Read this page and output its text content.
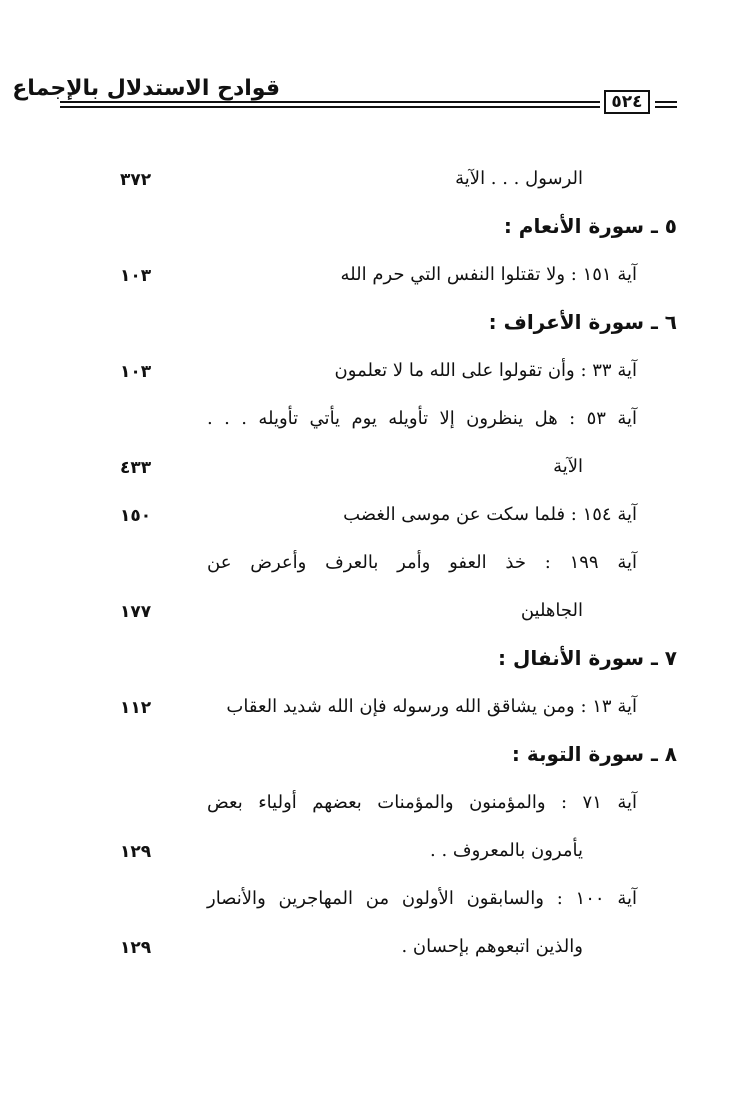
قوادح الاستدلال بالإجماع
٥٢٤
الرسول . . . الآية
٣٧٢
٥ ـ سورة الأنعام :
آية ١٥١ : ولا تقتلوا النفس التي حرم الله
١٠٣
٦ ـ سورة الأعراف :
آية ٣٣ : وأن تقولوا على الله ما لا تعلمون
١٠٣
آية ٥٣ : هل ينظرون إلا تأويله يوم يأتي تأويله . . .
الآية
٤٣٣
آية ١٥٤ : فلما سكت عن موسى الغضب
١٥٠
آية ١٩٩ : خذ العفو وأمر بالعرف وأعرض عن
الجاهلين
١٧٧
٧ ـ سورة الأنفال :
آية ١٣ : ومن يشاقق الله ورسوله فإن الله شديد العقاب
١١٢
٨ ـ سورة التوبة :
آية ٧١ : والمؤمنون والمؤمنات بعضهم أولياء بعض
يأمرون بالمعروف . .
١٢٩
آية ١٠٠ : والسابقون الأولون من المهاجرين والأنصار
والذين اتبعوهم بإحسان .
١٢٩
